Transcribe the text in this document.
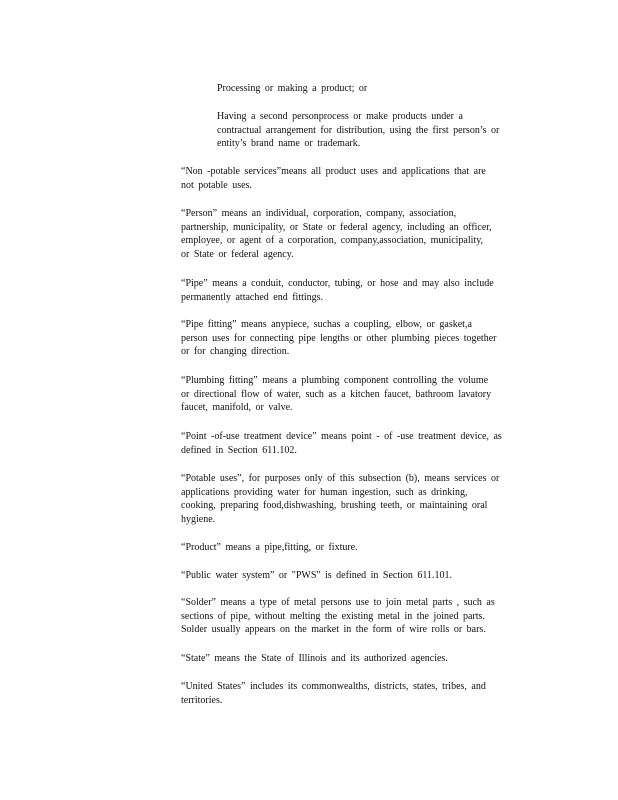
Processing or making a product; or

Having a second personprocess or make products under a
contractual arrangement for distribution, using the first person’s or
entity’s brand name or trademark.

“Non -potable services”means all product uses and applications that are
not potable uses.

“Person” means an individual, corporation, company, association,
partnership, municipality, or State or federal agency, including an officer,
employee, or agent of a corporation, company,association, municipality,
or State or federal agency.

“Pipe” means a conduit, conductor, tubing, or hose and may also include
permanently attached end fittings.

“Pipe fitting” means anypiece, suchas a coupling, elbow, or gasket,a
person uses for connecting pipe lengths or other plumbing pieces together
or for changing direction.

“Plumbing fitting” means a plumbing component controlling the volume
or directional flow of water, such as a kitchen faucet, bathroom lavatory
faucet, manifold, or valve.

“Point -of-use treatment device” means point - of -use treatment device, as
defined in Section 611.102.

“Potable uses”, for purposes only of this subsection (b), means services or
applications providing water for human ingestion, such as drinking,
cooking, preparing food,dishwashing, brushing teeth, or maintaining oral
hygiene.

“Product” means a pipe,fitting, or fixture.

“Public water system” or "PWS" is defined in Section 611.101.

“Solder” means a type of metal persons use to join metal parts , such as
sections of pipe, without melting the existing metal in the joined parts.
Solder usually appears on the market in the form of wire rolls or bars.

“State” means the State of Illinois and its authorized agencies.

“United States” includes its commonwealths, districts, states, tribes, and
territories.
